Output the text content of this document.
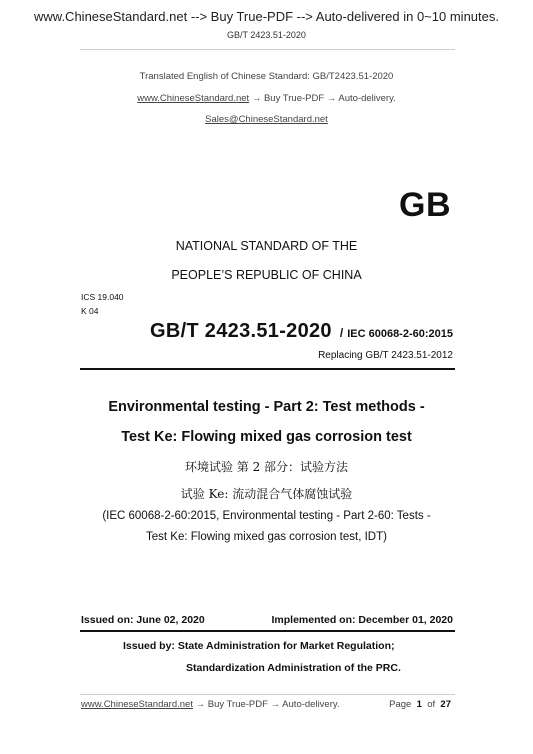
www.ChineseStandard.net --> Buy True-PDF --> Auto-delivered in 0~10 minutes.
GB/T 2423.51-2020
Translated English of Chinese Standard: GB/T2423.51-2020
www.ChineseStandard.net → Buy True-PDF → Auto-delivery.
Sales@ChineseStandard.net
GB
NATIONAL STANDARD OF THE
PEOPLE’S REPUBLIC OF CHINA
ICS 19.040
K 04
GB/T 2423.51-2020 / IEC 60068-2-60:2015
Replacing GB/T 2423.51-2012
Environmental testing - Part 2: Test methods -
Test Ke: Flowing mixed gas corrosion test
环境试验 第 2 部分：试验方法
试验 Ke: 流动混合气体腐蚀试验
(IEC 60068-2-60:2015, Environmental testing - Part 2-60: Tests -
Test Ke: Flowing mixed gas corrosion test, IDT)
Issued on: June 02, 2020	Implemented on: December 01, 2020
Issued by: State Administration for Market Regulation;
Standardization Administration of the PRC.
www.ChineseStandard.net → Buy True-PDF → Auto-delivery.	Page 1 of 27
